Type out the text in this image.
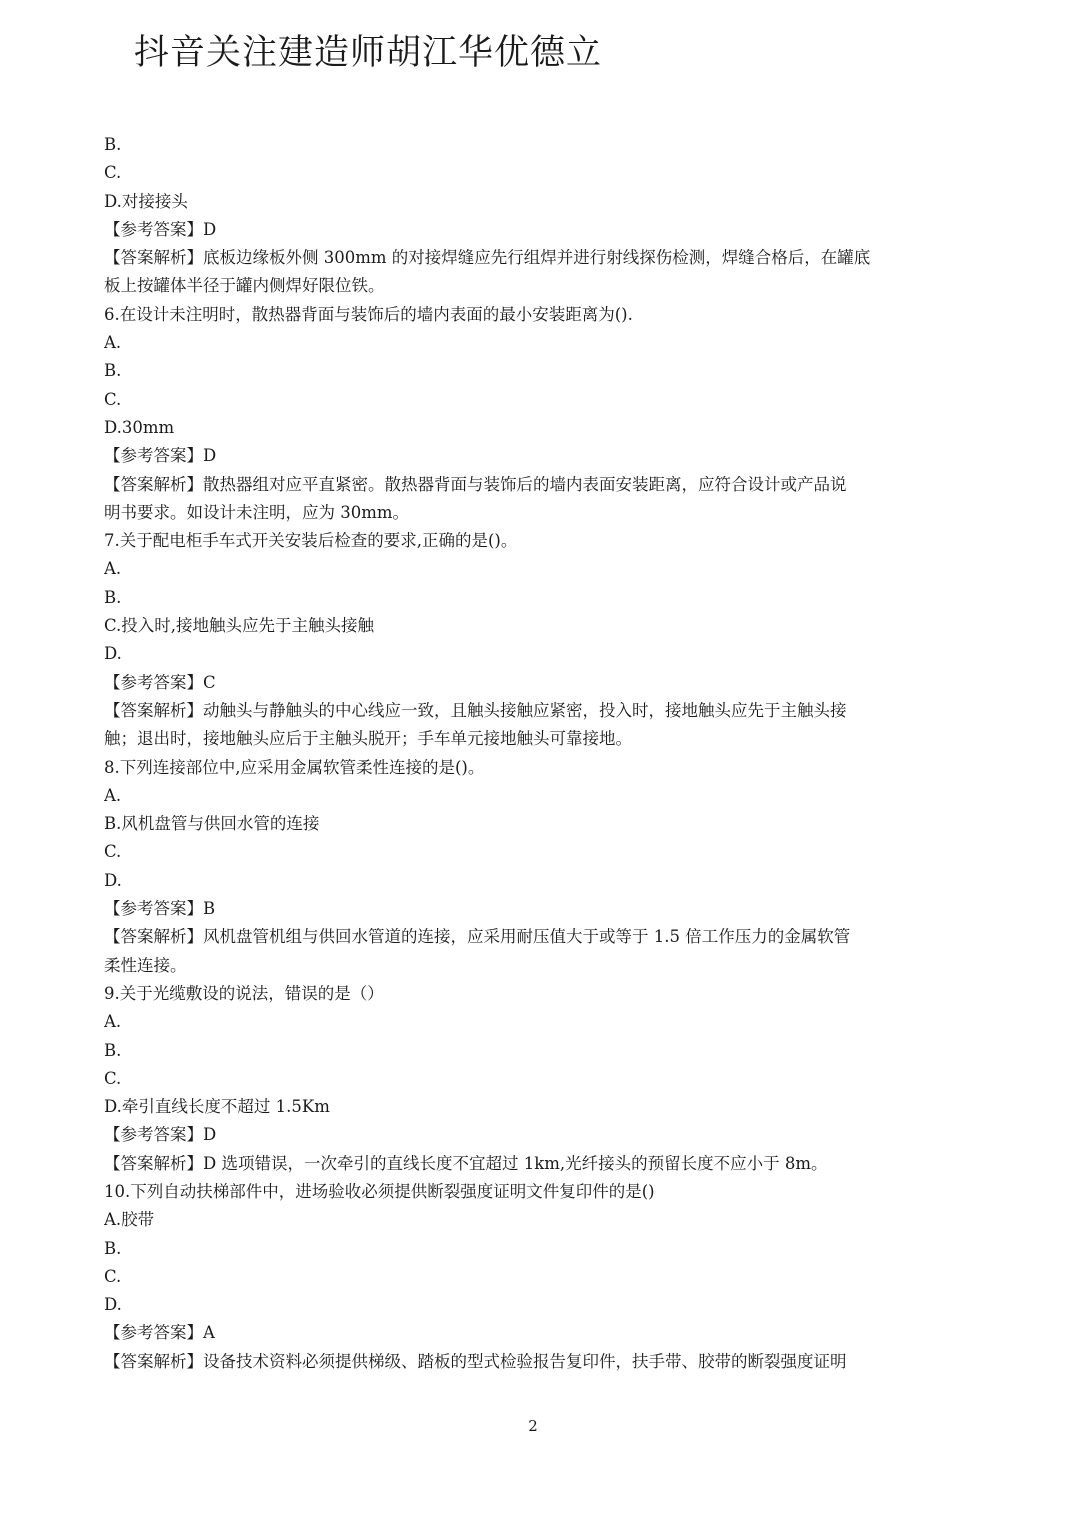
抖音关注建造师胡江华优德立
B.
C.
D.对接接头
【参考答案】D
【答案解析】底板边缘板外侧 300mm 的对接焊缝应先行组焊并进行射线探伤检测，焊缝合格后，在罐底
板上按罐体半径于罐内侧焊好限位铁。
6.在设计未注明时，散热器背面与装饰后的墙内表面的最小安装距离为().
A.
B.
C.
D.30mm
【参考答案】D
【答案解析】散热器组对应平直紧密。散热器背面与装饰后的墙内表面安装距离，应符合设计或产品说
明书要求。如设计未注明，应为 30mm。
7.关于配电柜手车式开关安装后检查的要求,正确的是()。
A.
B.
C.投入时,接地触头应先于主触头接触
D.
【参考答案】C
【答案解析】动触头与静触头的中心线应一致，且触头接触应紧密，投入时，接地触头应先于主触头接
触；退出时，接地触头应后于主触头脱开；手车单元接地触头可靠接地。
8.下列连接部位中,应采用金属软管柔性连接的是()。
A.
B.风机盘管与供回水管的连接
C.
D.
【参考答案】B
【答案解析】风机盘管机组与供回水管道的连接，应采用耐压值大于或等于 1.5 倍工作压力的金属软管
柔性连接。
9.关于光缆敷设的说法，错误的是（）
A.
B.
C.
D.牵引直线长度不超过 1.5Km
【参考答案】D
【答案解析】D 选项错误，一次牵引的直线长度不宜超过 1km,光纤接头的预留长度不应小于 8m。
10.下列自动扶梯部件中，进场验收必须提供断裂强度证明文件复印件的是()
A.胶带
B.
C.
D.
【参考答案】A
【答案解析】设备技术资料必须提供梯级、踏板的型式检验报告复印件，扶手带、胶带的断裂强度证明
2
